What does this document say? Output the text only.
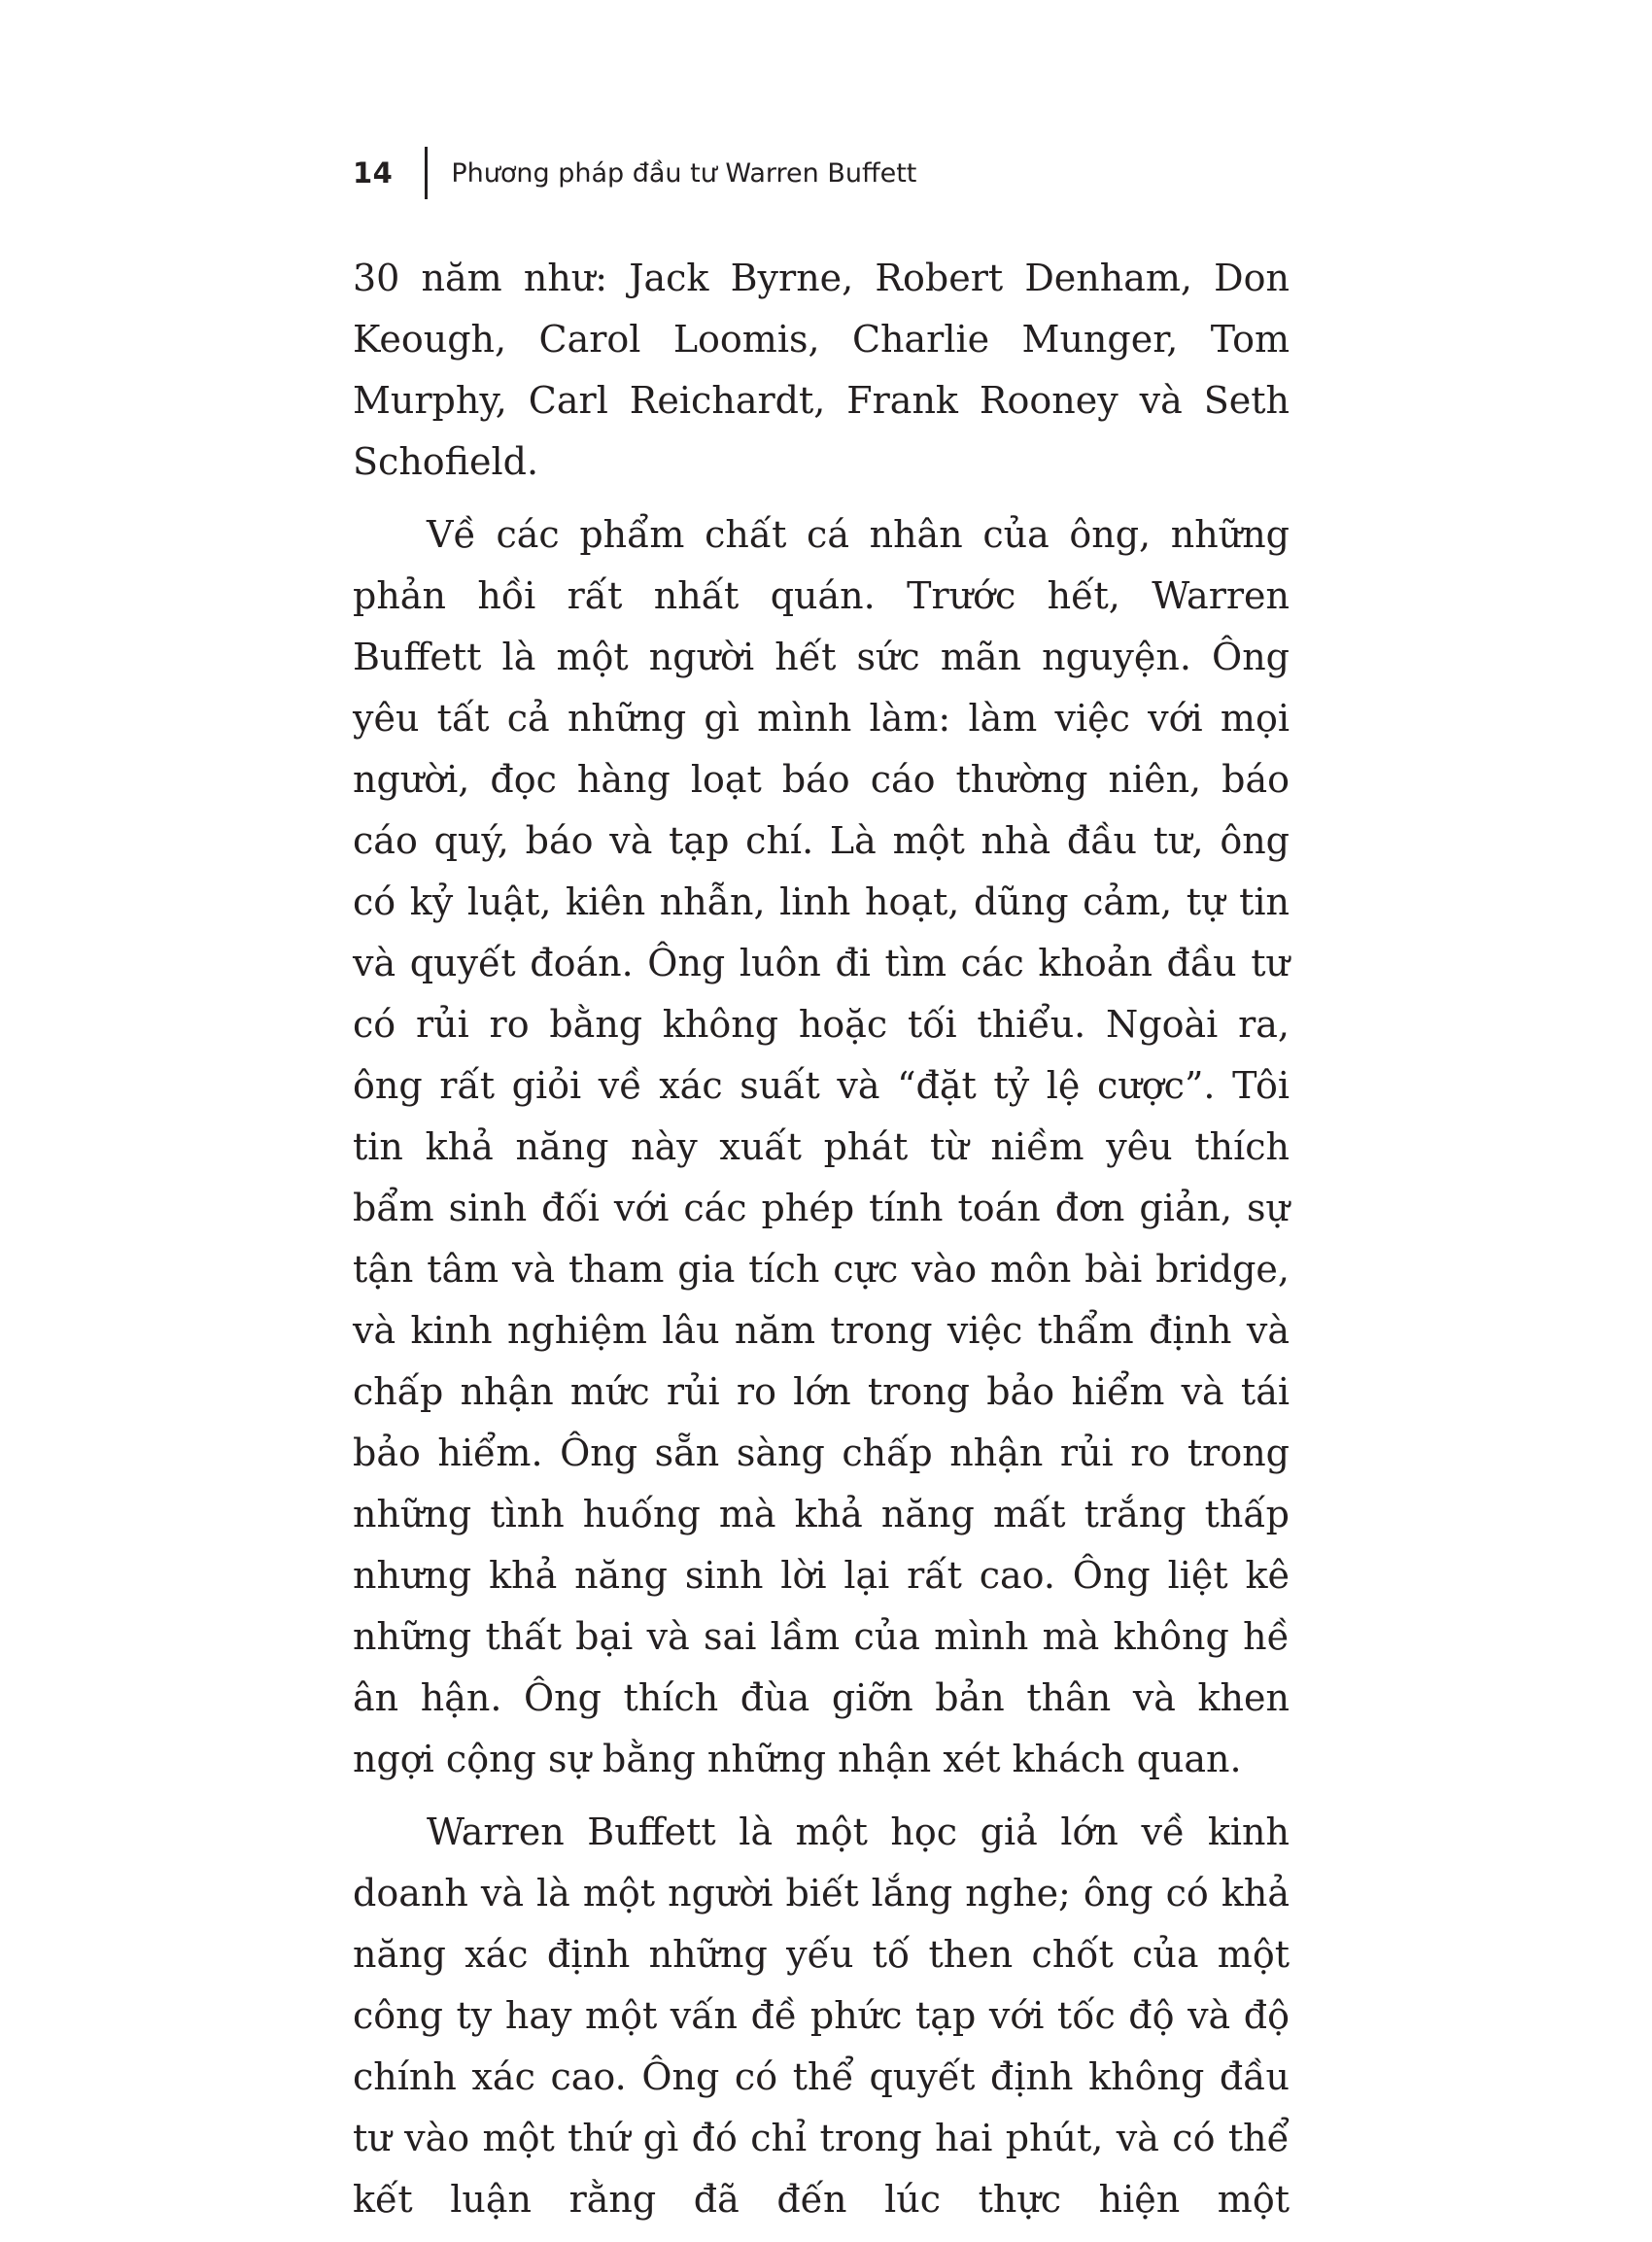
14 Phương pháp đầu tư Warren Buffett

30 năm như: Jack Byrne, Robert Denham, Don Keough, Carol Loomis, Charlie Munger, Tom Murphy, Carl Reichardt, Frank Rooney và Seth Schofield.

Về các phẩm chất cá nhân của ông, những phản hồi rất nhất quán. Trước hết, Warren Buffett là một người hết sức mãn nguyện. Ông yêu tất cả những gì mình làm: làm việc với mọi người, đọc hàng loạt báo cáo thường niên, báo cáo quý, báo và tạp chí. Là một nhà đầu tư, ông có kỷ luật, kiên nhẫn, linh hoạt, dũng cảm, tự tin và quyết đoán. Ông luôn đi tìm các khoản đầu tư có rủi ro bằng không hoặc tối thiểu. Ngoài ra, ông rất giỏi về xác suất và “đặt tỷ lệ cược”. Tôi tin khả năng này xuất phát từ niềm yêu thích bẩm sinh đối với các phép tính toán đơn giản, sự tận tâm và tham gia tích cực vào môn bài bridge, và kinh nghiệm lâu năm trong việc thẩm định và chấp nhận mức rủi ro lớn trong bảo hiểm và tái bảo hiểm. Ông sẵn sàng chấp nhận rủi ro trong những tình huống mà khả năng mất trắng thấp nhưng khả năng sinh lời lại rất cao. Ông liệt kê những thất bại và sai lầm của mình mà không hề ân hận. Ông thích đùa giỡn bản thân và khen ngợi cộng sự bằng những nhận xét khách quan.

Warren Buffett là một học giả lớn về kinh doanh và là một người biết lắng nghe; ông có khả năng xác định những yếu tố then chốt của một công ty hay một vấn đề phức tạp với tốc độ và độ chính xác cao. Ông có thể quyết định không đầu tư vào một thứ gì đó chỉ trong hai phút, và có thể kết luận rằng đã đến lúc thực hiện một
